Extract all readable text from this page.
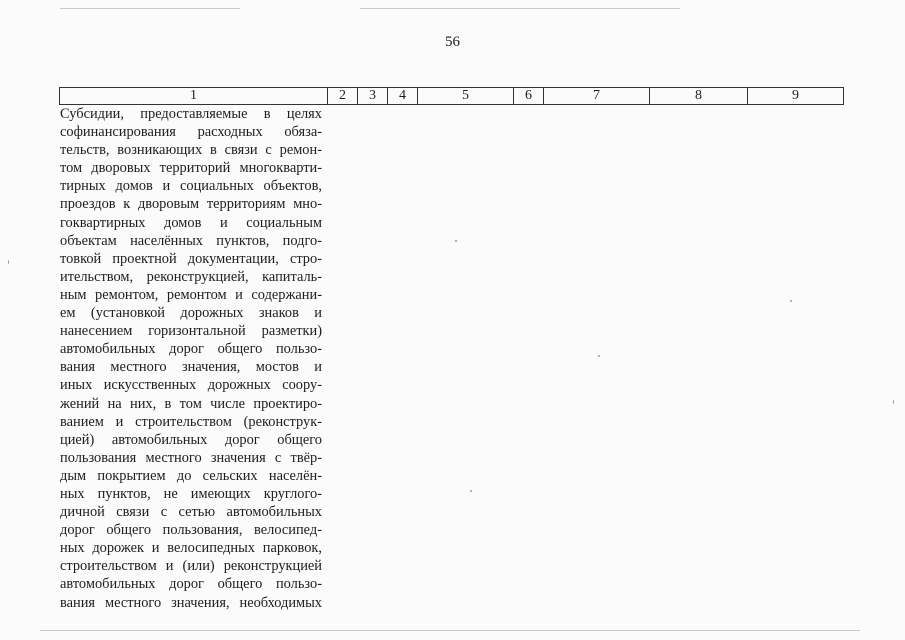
56
1	2	3	4	5	6	7	8	9
Субсидии, предоставляемые в целях
софинансирования расходных обяза-
тельств, возникающих в связи с ремон-
том дворовых территорий многокварти-
тирных домов и социальных объектов,
проездов к дворовым территориям мно-
гоквартирных домов и социальным
объектам населённых пунктов, подго-
товкой проектной документации, стро-
ительством, реконструкцией, капиталь-
ным ремонтом, ремонтом и содержани-
ем (установкой дорожных знаков и
нанесением горизонтальной разметки)
автомобильных дорог общего пользо-
вания местного значения, мостов и
иных искусственных дорожных соору-
жений на них, в том числе проектиро-
ванием и строительством (реконструк-
цией) автомобильных дорог общего
пользования местного значения с твёр-
дым покрытием до сельских населён-
ных пунктов, не имеющих круглого-
дичной связи с сетью автомобильных
дорог общего пользования, велосипед-
ных дорожек и велосипедных парковок,
строительством и (или) реконструкцией
автомобильных дорог общего пользо-
вания местного значения, необходимых
